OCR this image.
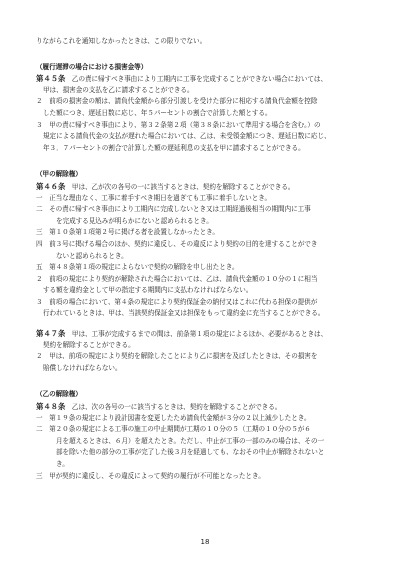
りながらこれを通知しなかったときは、この限りでない。
（履行遅滞の場合における損害金等）
第４５条　乙の責に帰すべき事由により工期内に工事を完成することができない場合においては、
甲は、損害金の支払を乙に請求することができる。
２　前項の損害金の額は、請負代金額から部分引渡しを受けた部分に相応する請負代金額を控除
した額につき、遅延日数に応じ、年５パーセントの割合で計算した額とする。
３　甲の責に帰すべき事由により、第３２条第２項（第３８条において準用する場合を含む。）の
規定による請負代金の支払が遅れた場合においては、乙は、未受領金額につき、遅延日数に応じ、
年３．７パーセントの割合で計算した額の遅延利息の支払を甲に請求することができる。
（甲の解除権）
第４６条　甲は、乙が次の各号の一に該当するときは、契約を解除することができる。
一　正当な理由なく、工事に着手すべき期日を過ぎても工事に着手しないとき。
二　その責に帰すべき事由により工期内に完成しないとき又は工期経過後相当の期間内に工事
を完成する見込みが明らかにないと認められるとき。
三　第１０条第１項第２号に掲げる者を設置しなかったとき。
四　前３号に掲げる場合のほか、契約に違反し、その違反により契約の目的を達することができ
ないと認められるとき。
五　第４８条第１項の規定によらないで契約の解除を申し出たとき。
２　前項の規定により契約が解除された場合においては、乙は、請負代金額の１０分の１に相当
する額を違約金として甲の指定する期間内に支払わなければならない。
３　前項の場合において、第４条の規定により契約保証金の納付又はこれに代わる担保の提供が
行われているときは、甲は、当該契約保証金又は担保をもって違約金に充当することができる。
第４７条　甲は、工事が完成するまでの間は、前条第１項の規定によるほか、必要があるときは、
契約を解除することができる。
２　甲は、前項の規定により契約を解除したことにより乙に損害を及ぼしたときは、その損害を
賠償しなければならない。
（乙の解除権）
第４８条　乙は、次の各号の一に該当するときは、契約を解除することができる。
一　第１９条の規定により設計図書を変更したため請負代金額が３分の２以上減少したとき。
二　第２０条の規定による工事の施工の中止期間が工期の１０分の５（工期の１０分の５が６
月を超えるときは、６月）を超えたとき。ただし、中止が工事の一部のみの場合は、その一
部を除いた他の部分の工事が完了した後３月を経過しても、なおその中止が解除されないと
き。
三　甲が契約に違反し、その違反によって契約の履行が不可能となったとき。
18
